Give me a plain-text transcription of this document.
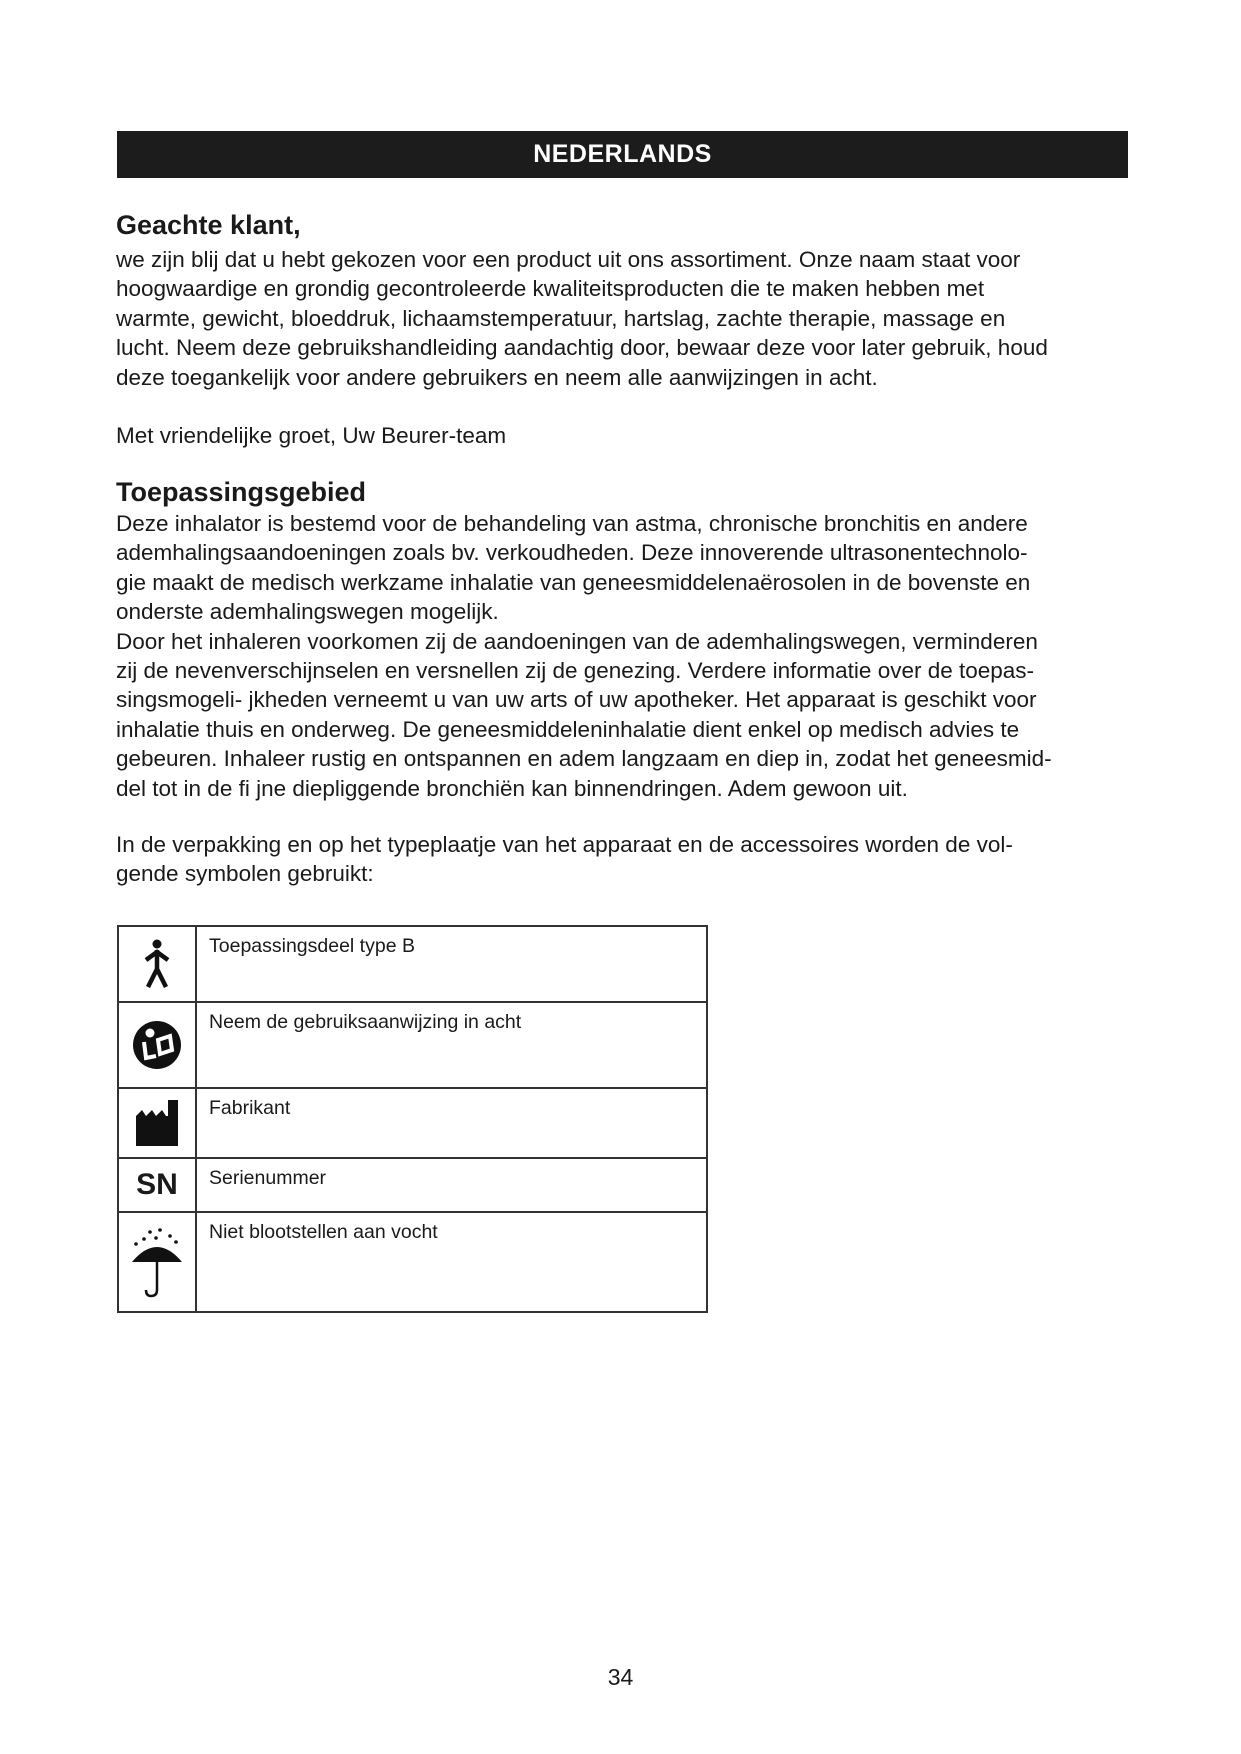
NEDERLANDS
Geachte klant,
we zijn blij dat u hebt gekozen voor een product uit ons assortiment. Onze naam staat voor
hoogwaardige en grondig gecontroleerde kwaliteitsproducten die te maken hebben met
warmte, gewicht, bloeddruk, lichaamstemperatuur, hartslag, zachte therapie, massage en
lucht. Neem deze gebruikshandleiding aandachtig door, bewaar deze voor later gebruik, houd
deze toegankelijk voor andere gebruikers en neem alle aanwijzingen in acht.
Met vriendelijke groet, Uw Beurer-team
Toepassingsgebied
Deze inhalator is bestemd voor de behandeling van astma, chronische bronchitis en andere
ademhalingsaandoeningen zoals bv. verkoudheden. Deze innoverende ultrasonentechnolo-
gie maakt de medisch werkzame inhalatie van geneesmiddelenaërosolen in de bovenste en
onderste ademhalingswegen mogelijk.
Door het inhaleren voorkomen zij de aandoeningen van de ademhalingswegen, verminderen
zij de nevenverschijnselen en versnellen zij de genezing. Verdere informatie over de toepas-
singsmogeli- jkheden verneemt u van uw arts of uw apotheker. Het apparaat is geschikt voor
inhalatie thuis en onderweg. De geneesmiddeleninhalatie dient enkel op medisch advies te
gebeuren. Inhaleer rustig en ontspannen en adem langzaam en diep in, zodat het geneesmid-
del tot in de fi jne diepliggende bronchiën kan binnendringen. Adem gewoon uit.
In de verpakking en op het typeplaatje van het apparaat en de accessoires worden de vol-
gende symbolen gebruikt:
	Toepassingsdeel type B

	Neem de gebruiksaanwijzing in acht

	Fabrikant
SN	Serienummer

	Niet blootstellen aan vocht
34
